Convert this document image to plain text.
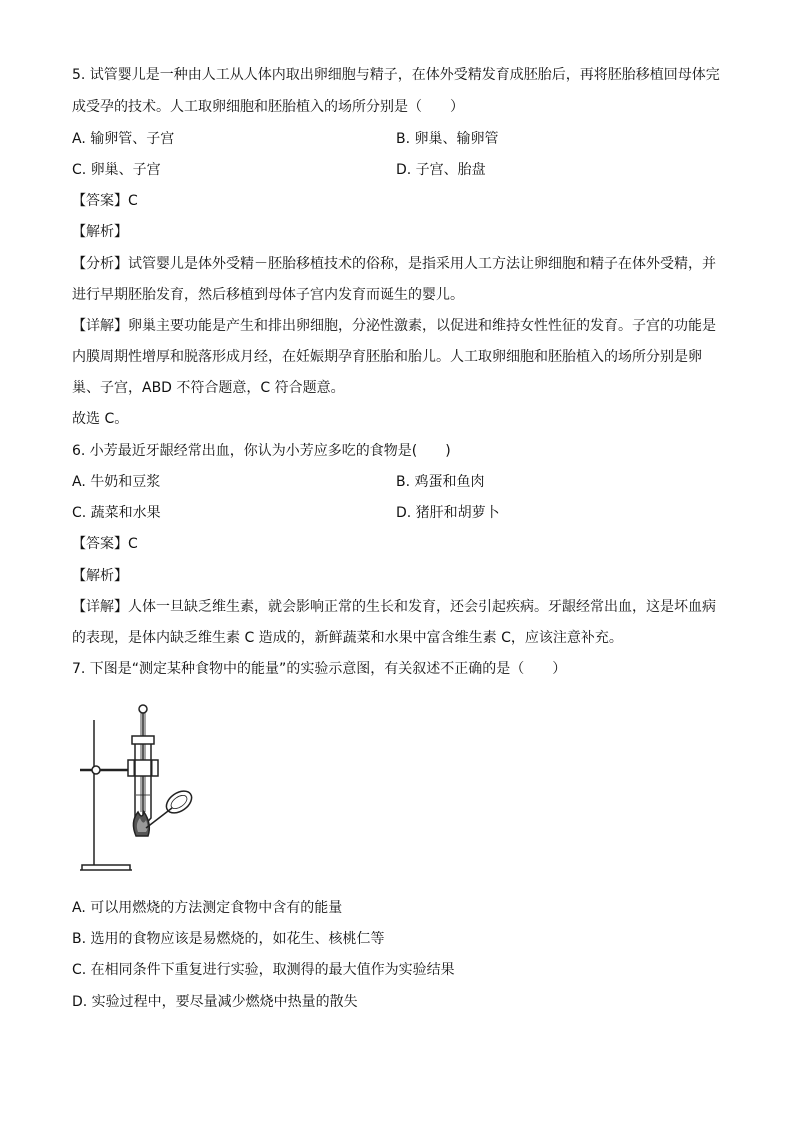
5. 试管婴儿是一种由人工从人体内取出卵细胞与精子，在体外受精发育成胚胎后，再将胚胎移植回母体完
成受孕的技术。人工取卵细胞和胚胎植入的场所分别是（　　）
A. 输卵管、子宫	B. 卵巢、输卵管
C. 卵巢、子宫	D. 子宫、胎盘
【答案】C
【解析】
【分析】试管婴儿是体外受精－胚胎移植技术的俗称，是指采用人工方法让卵细胞和精子在体外受精，并
进行早期胚胎发育，然后移植到母体子宫内发育而诞生的婴儿。
【详解】卵巢主要功能是产生和排出卵细胞，分泌性激素，以促进和维持女性性征的发育。子宫的功能是
内膜周期性增厚和脱落形成月经，在妊娠期孕育胚胎和胎儿。人工取卵细胞和胚胎植入的场所分别是卵
巢、子宫，ABD 不符合题意，C 符合题意。
故选 C。
6. 小芳最近牙龈经常出血，你认为小芳应多吃的食物是(　　)
A. 牛奶和豆浆	B. 鸡蛋和鱼肉
C. 蔬菜和水果	D. 猪肝和胡萝卜
【答案】C
【解析】
【详解】人体一旦缺乏维生素，就会影响正常的生长和发育，还会引起疾病。牙龈经常出血，这是坏血病
的表现，是体内缺乏维生素 C 造成的，新鲜蔬菜和水果中富含维生素 C，应该注意补充。
7. 下图是“测定某种食物中的能量”的实验示意图，有关叙述不正确的是（　　）
A. 可以用燃烧的方法测定食物中含有的能量
B. 选用的食物应该是易燃烧的，如花生、核桃仁等
C. 在相同条件下重复进行实验，取测得的最大值作为实验结果
D. 实验过程中，要尽量减少燃烧中热量的散失
